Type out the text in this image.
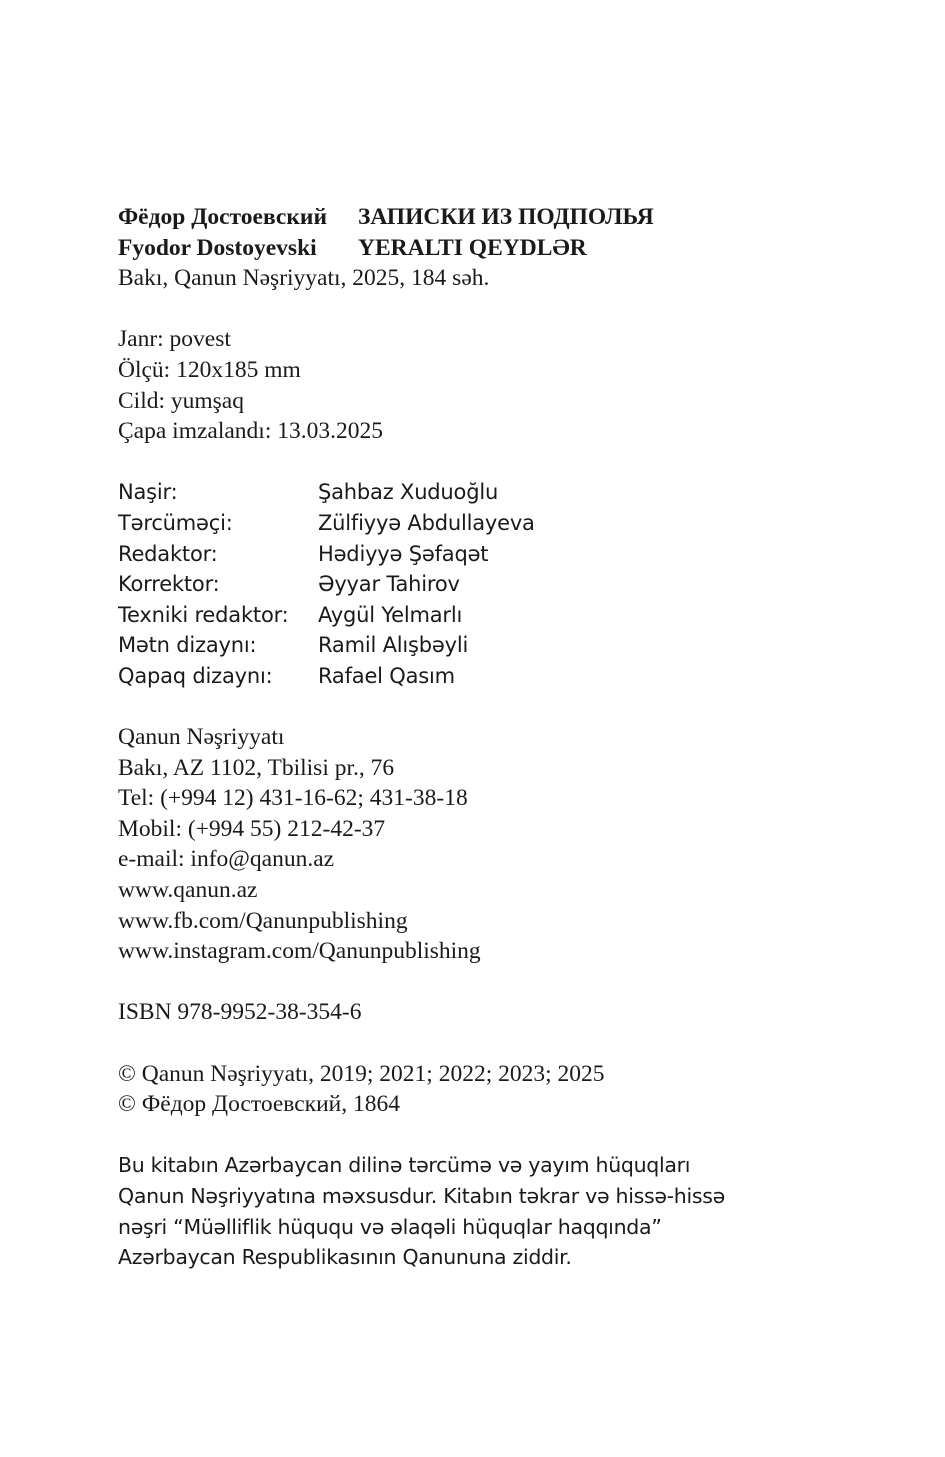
Фёдор Достоевский ЗАПИСКИ ИЗ ПОДПОЛЬЯ
Fyodor Dostoyevski YERALTI QEYDLƏR
Bakı, Qanun Nəşriyyatı, 2025, 184 səh.
Janr: povest
Ölçü: 120x185 mm
Cild: yumşaq
Çapa imzalandı: 13.03.2025
Naşir:	Şahbaz Xuduoğlu
Tərcüməçi:	Zülfiyyə Abdullayeva
Redaktor:	Hədiyyə Şəfaqət
Korrektor:	Əyyar Tahirov
Texniki redaktor: Aygül Yelmarlı
Mətn dizaynı:	Ramil Alışbəyli
Qapaq dizaynı: Rafael Qasım
Qanun Nəşriyyatı
Bakı, AZ 1102, Tbilisi pr., 76
Tel: (+994 12) 431-16-62; 431-38-18
Mobil: (+994 55) 212-42-37
e-mail: info@qanun.az
www.qanun.az
www.fb.com/Qanunpublishing
www.instagram.com/Qanunpublishing
ISBN 978-9952-38-354-6
© Qanun Nəşriyyatı, 2019; 2021; 2022; 2023; 2025
© Фёдор Достоевский, 1864
Bu kitabın Azərbaycan dilinə tərcümə və yayım hüquqları
Qanun Nəşriyyatına məxsusdur. Kitabın təkrar və hissə-hissə
nəşri “Müəlliflik hüququ və əlaqəli hüquqlar haqqında”
Azərbaycan Respublikasının Qanununa ziddir.
